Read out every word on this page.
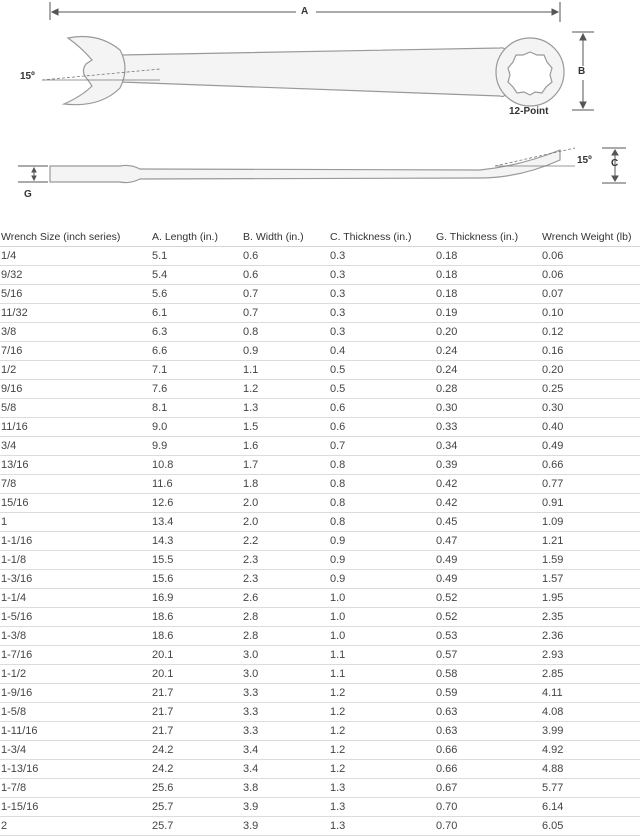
A
B
C
G
15º
15º
12-Point
Wrench Size (inch series)	A. Length (in.)	B. Width (in.)	C. Thickness (in.)	G. Thickness (in.)	Wrench Weight (lb)
1/4	5.1	0.6	0.3	0.18	0.06
9/32	5.4	0.6	0.3	0.18	0.06
5/16	5.6	0.7	0.3	0.18	0.07
11/32	6.1	0.7	0.3	0.19	0.10
3/8	6.3	0.8	0.3	0.20	0.12
7/16	6.6	0.9	0.4	0.24	0.16
1/2	7.1	1.1	0.5	0.24	0.20
9/16	7.6	1.2	0.5	0.28	0.25
5/8	8.1	1.3	0.6	0.30	0.30
11/16	9.0	1.5	0.6	0.33	0.40
3/4	9.9	1.6	0.7	0.34	0.49
13/16	10.8	1.7	0.8	0.39	0.66
7/8	11.6	1.8	0.8	0.42	0.77
15/16	12.6	2.0	0.8	0.42	0.91
1	13.4	2.0	0.8	0.45	1.09
1-1/16	14.3	2.2	0.9	0.47	1.21
1-1/8	15.5	2.3	0.9	0.49	1.59
1-3/16	15.6	2.3	0.9	0.49	1.57
1-1/4	16.9	2.6	1.0	0.52	1.95
1-5/16	18.6	2.8	1.0	0.52	2.35
1-3/8	18.6	2.8	1.0	0.53	2.36
1-7/16	20.1	3.0	1.1	0.57	2.93
1-1/2	20.1	3.0	1.1	0.58	2.85
1-9/16	21.7	3.3	1.2	0.59	4.11
1-5/8	21.7	3.3	1.2	0.63	4.08
1-11/16	21.7	3.3	1.2	0.63	3.99
1-3/4	24.2	3.4	1.2	0.66	4.92
1-13/16	24.2	3.4	1.2	0.66	4.88
1-7/8	25.6	3.8	1.3	0.67	5.77
1-15/16	25.7	3.9	1.3	0.70	6.14
2	25.7	3.9	1.3	0.70	6.05
